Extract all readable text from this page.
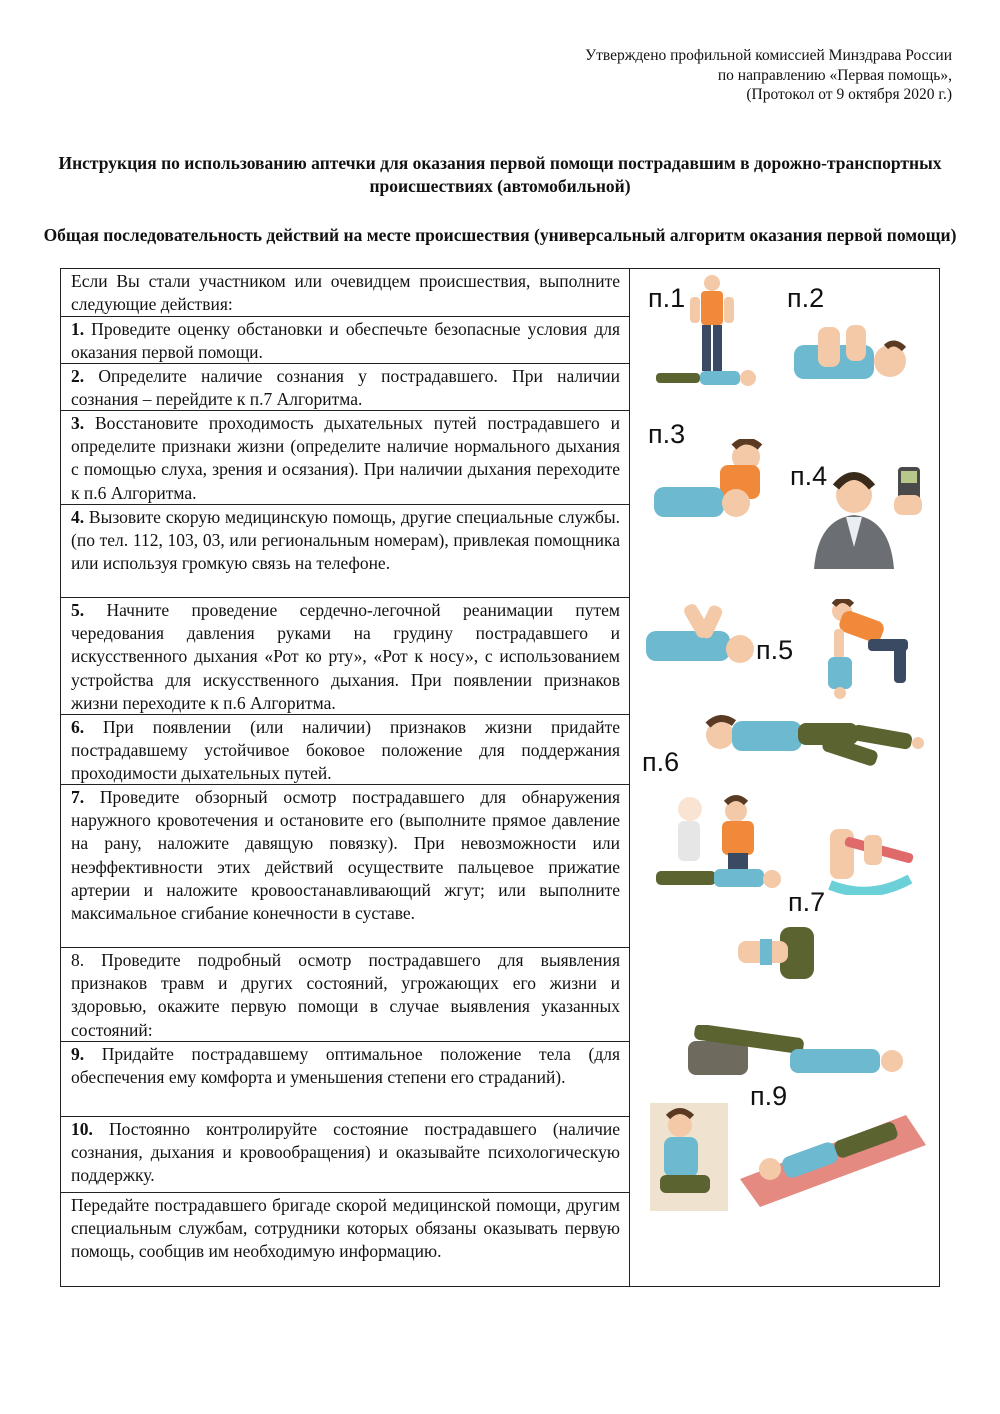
Утверждено профильной комиссией Минздрава России
по направлению «Первая помощь»,
(Протокол от 9 октября 2020 г.)
Инструкция по использованию аптечки для оказания первой помощи пострадавшим в дорожно-транспортных происшествиях (автомобильной)
Общая последовательность действий на месте происшествия (универсальный алгоритм оказания первой помощи)
Если Вы стали участником или очевидцем происшествия, выполните следующие действия:
1. Проведите оценку обстановки и обеспечьте безопасные условия для оказания первой помощи.
2. Определите наличие сознания у пострадавшего. При наличии сознания – перейдите к п.7 Алгоритма.
3. Восстановите проходимость дыхательных путей пострадавшего и определите признаки жизни (определите наличие нормального дыхания с помощью слуха, зрения и осязания). При наличии дыхания переходите к п.6 Алгоритма.
4. Вызовите скорую медицинскую помощь, другие специальные службы. (по тел. 112, 103, 03, или региональным номерам), привлекая помощника или используя громкую связь на телефоне.
5. Начните проведение сердечно-легочной реанимации путем чередования давления руками на грудину пострадавшего и искусственного дыхания «Рот ко рту», «Рот к носу», с использованием устройства для искусственного дыхания. При появлении признаков жизни переходите к п.6 Алгоритма.
6. При появлении (или наличии) признаков жизни придайте пострадавшему устойчивое боковое положение для поддержания проходимости дыхательных путей.
7. Проведите обзорный осмотр пострадавшего для обнаружения наружного кровотечения и остановите его (выполните прямое давление на рану, наложите давящую повязку). При невозможности или неэффективности этих действий осуществите пальцевое прижатие артерии и наложите кровоостанавливающий жгут; или выполните максимальное сгибание конечности в суставе.
8. Проведите подробный осмотр пострадавшего для выявления признаков травм и других состояний, угрожающих его жизни и здоровью, окажите первую помощи в случае выявления указанных состояний:
9. Придайте пострадавшему оптимальное положение тела (для обеспечения ему комфорта и уменьшения степени его страданий).
10. Постоянно контролируйте состояние пострадавшего (наличие сознания, дыхания и кровообращения) и оказывайте психологическую поддержку.
Передайте пострадавшего бригаде скорой медицинской помощи, другим специальным службам, сотрудники которых обязаны оказывать первую помощь, сообщив им необходимую информацию.
п.1	п.2
п.3
п.4
п.5
п.6
п.7
п.9
